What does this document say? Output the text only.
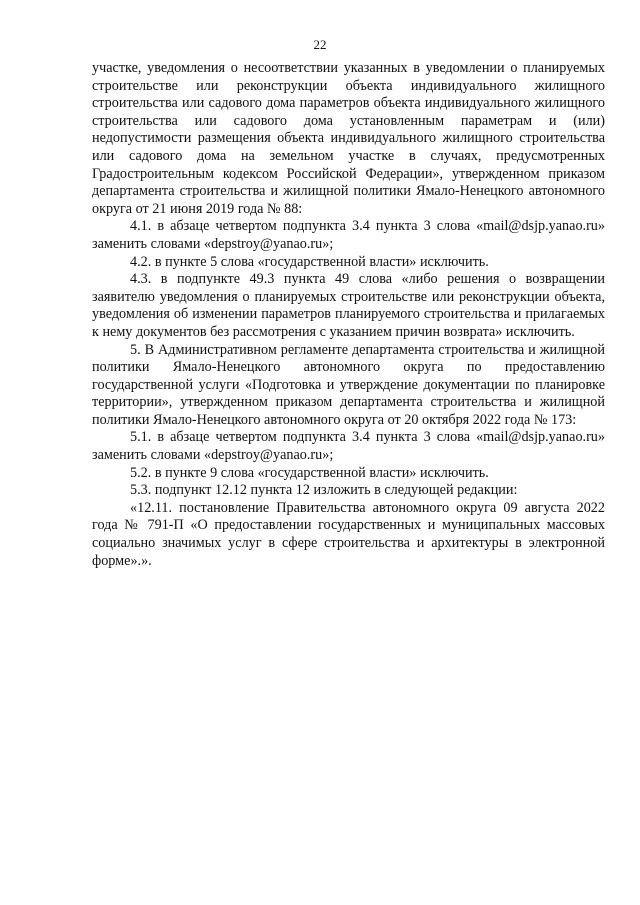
22

участке, уведомления о несоответствии указанных в уведомлении о планируемых строительстве или реконструкции объекта индивидуального жилищного строительства или садового дома параметров объекта индивидуального жилищного строительства или садового дома установленным параметрам и (или) недопустимости размещения объекта индивидуального жилищного строительства или садового дома на земельном участке в случаях, предусмотренных Градостроительным кодексом Российской Федерации», утвержденном приказом департамента строительства и жилищной политики Ямало-Ненецкого автономного округа от 21 июня 2019 года № 88:

4.1. в абзаце четвертом подпункта 3.4 пункта 3 слова «mail@dsjp.yanao.ru» заменить словами «depstroy@yanao.ru»;

4.2. в пункте 5 слова «государственной власти» исключить.

4.3. в подпункте 49.3 пункта 49 слова «либо решения о возвращении заявителю уведомления о планируемых строительстве или реконструкции объекта, уведомления об изменении параметров планируемого строительства и прилагаемых к нему документов без рассмотрения с указанием причин возврата» исключить.

5. В Административном регламенте департамента строительства и жилищной политики Ямало-Ненецкого автономного округа по предоставлению государственной услуги «Подготовка и утверждение документации по планировке территории», утвержденном приказом департамента строительства и жилищной политики Ямало-Ненецкого автономного округа от 20 октября 2022 года № 173:

5.1. в абзаце четвертом подпункта 3.4 пункта 3 слова «mail@dsjp.yanao.ru» заменить словами «depstroy@yanao.ru»;

5.2. в пункте 9 слова «государственной власти» исключить.

5.3. подпункт 12.12 пункта 12 изложить в следующей редакции:

«12.11. постановление Правительства автономного округа 09 августа 2022 года № 791-П «О предоставлении государственных и муниципальных массовых социально значимых услуг в сфере строительства и архитектуры в электронной форме».».
